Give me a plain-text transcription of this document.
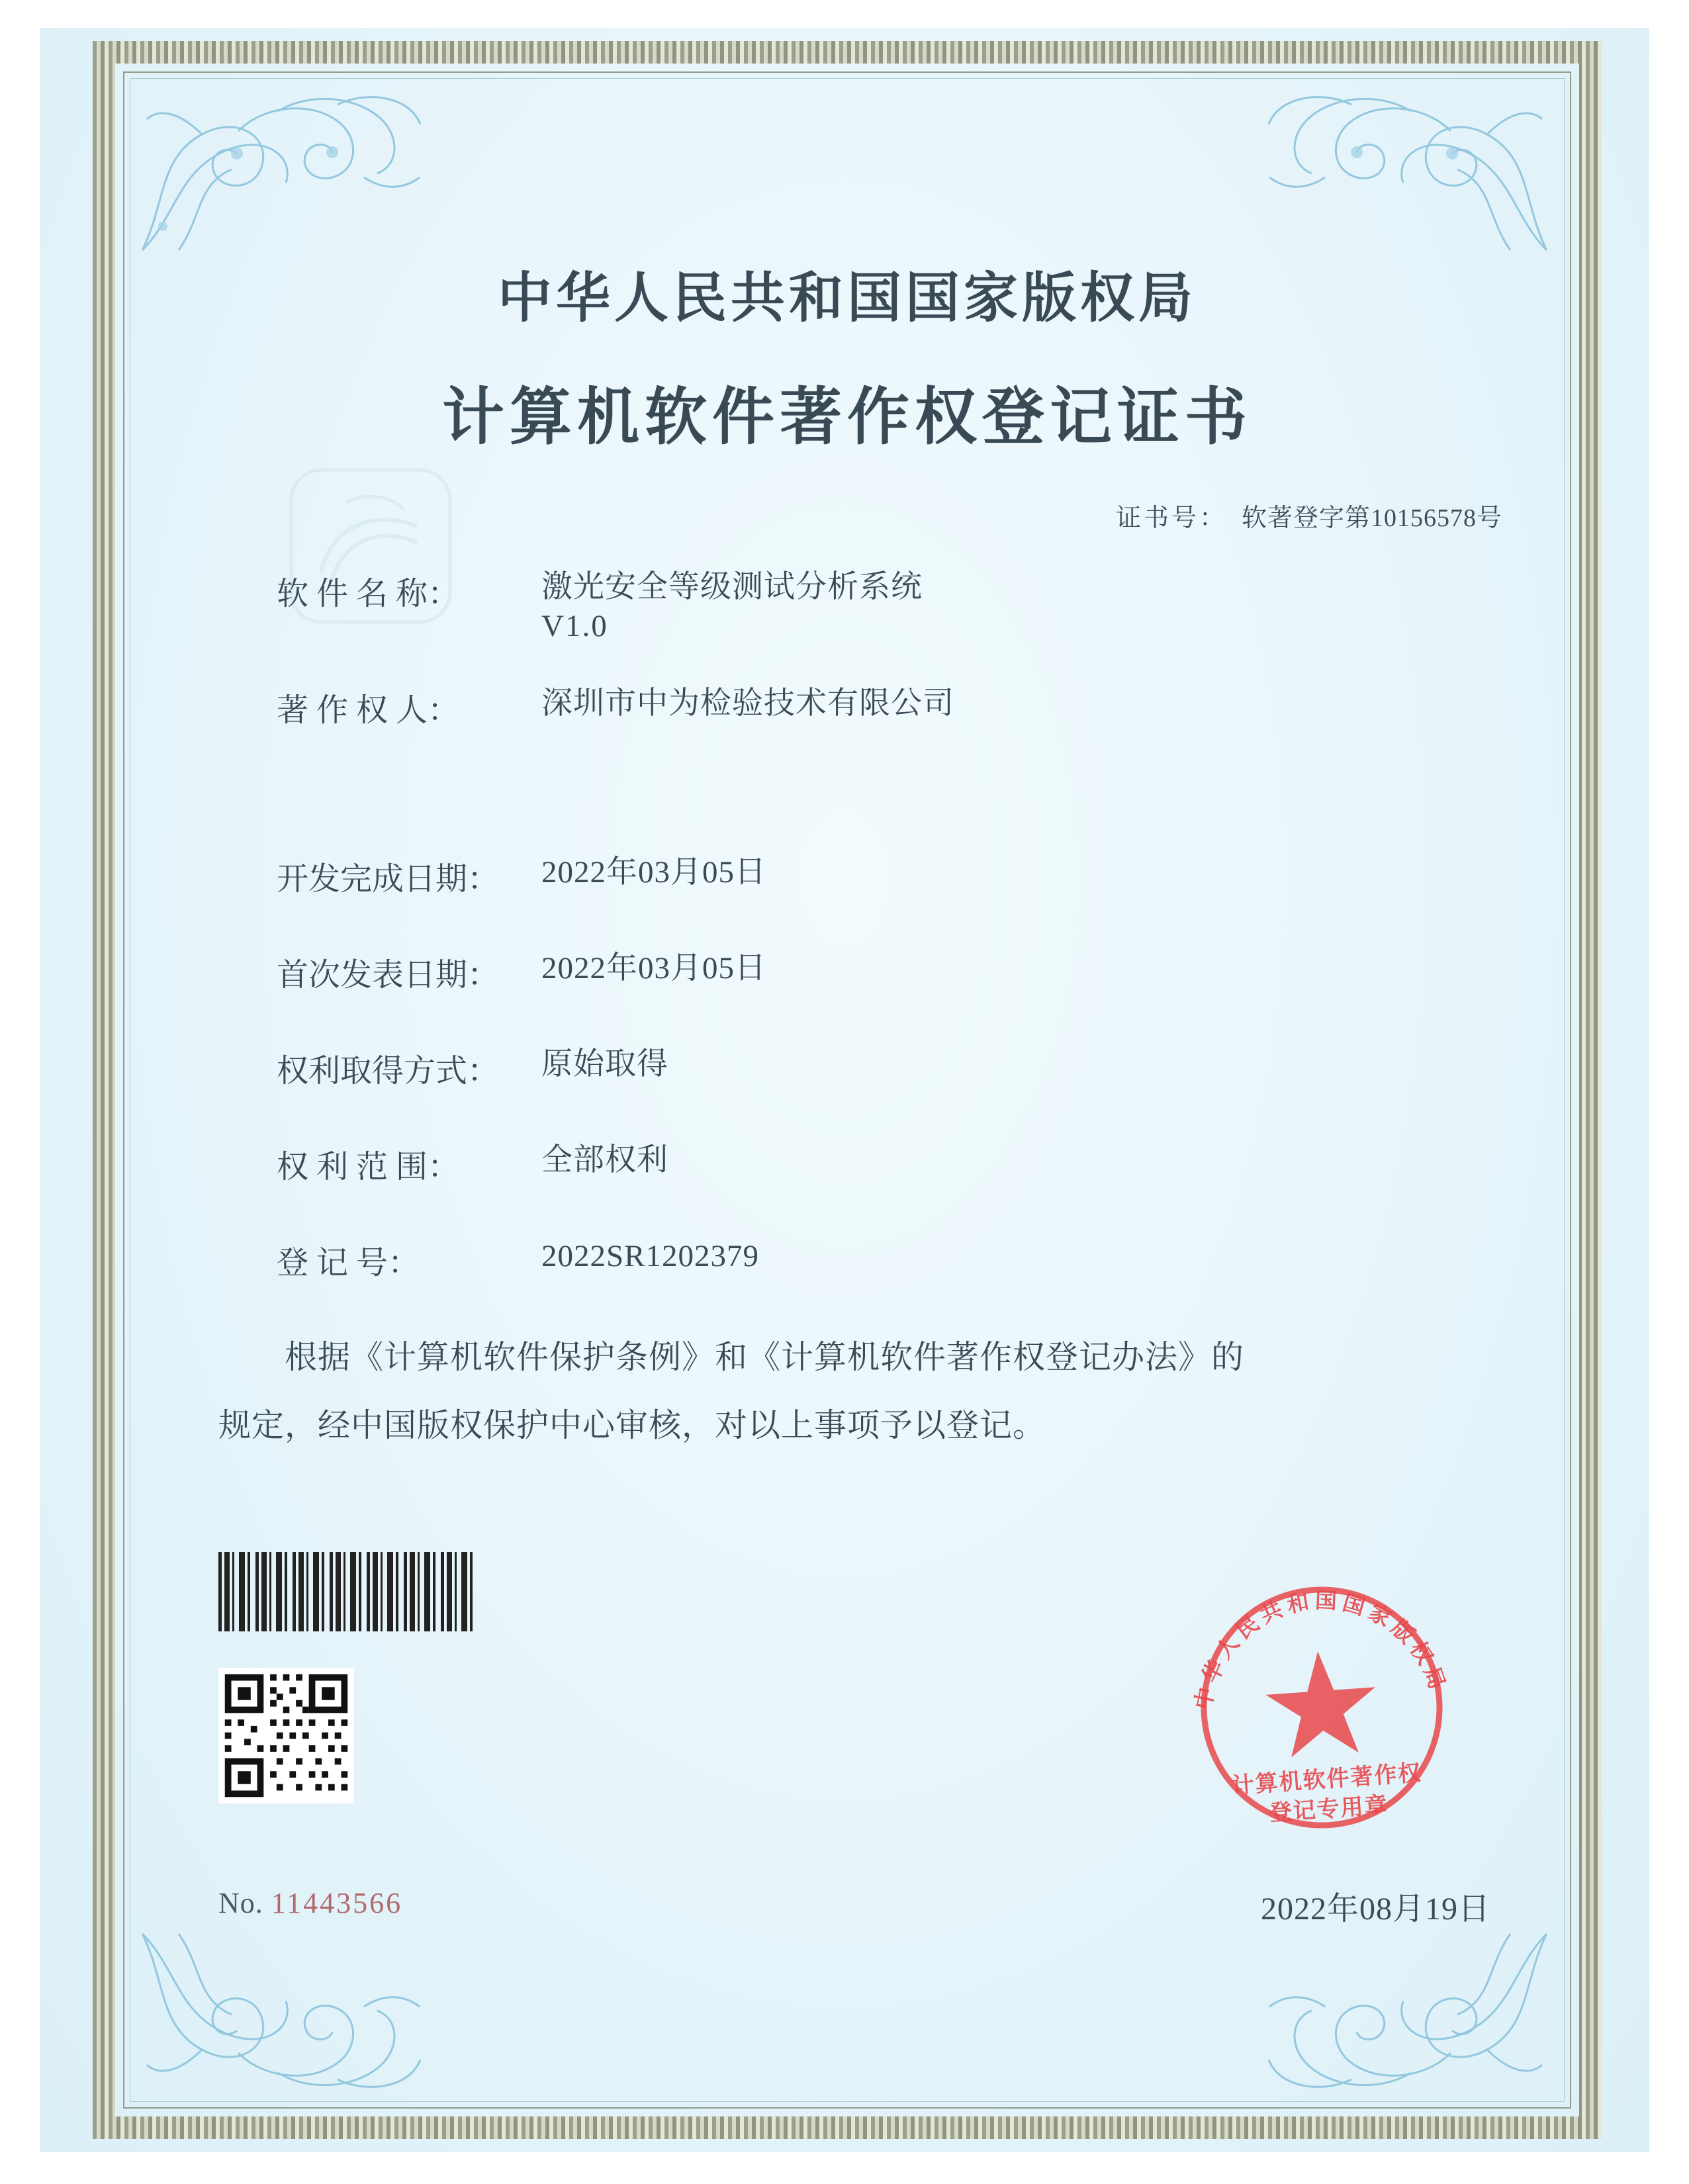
中华人民共和国国家版权局
计算机软件著作权登记证书
证书号： 软著登字第10156578号
软 件 名 称：	激光安全等级测试分析系统
V1.0
著 作 权 人：	深圳市中为检验技术有限公司
开发完成日期：	2022年03月05日
首次发表日期：	2022年03月05日
权利取得方式：	原始取得
权 利 范 围：	全部权利
登 记 号：	2022SR1202379

根据《计算机软件保护条例》和《计算机软件著作权登记办法》的

规定，经中国版权保护中心审核，对以上事项予以登记。

No. 11443566	2022年08月19日
中华人民共和国国家版权局
计算机软件著作权
登记专用章
